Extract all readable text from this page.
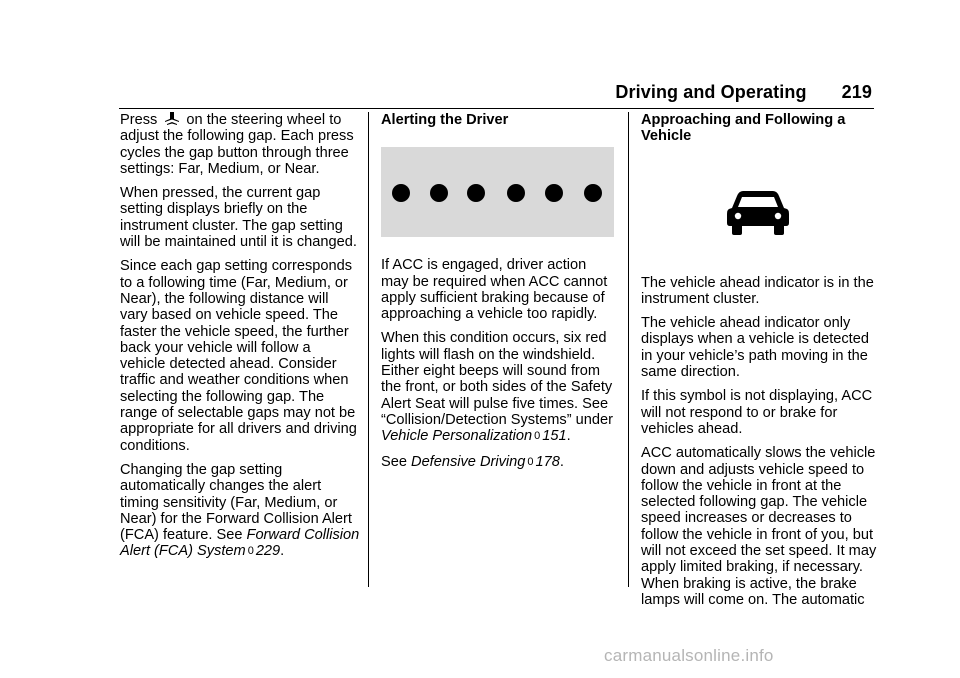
Driving and Operating 219

Press  on the steering wheel to adjust the following gap. Each press cycles the gap button through three settings: Far, Medium, or Near.

When pressed, the current gap setting displays briefly on the instrument cluster. The gap setting will be maintained until it is changed.

Since each gap setting corresponds to a following time (Far, Medium, or Near), the following distance will vary based on vehicle speed. The faster the vehicle speed, the further back your vehicle will follow a vehicle detected ahead. Consider traffic and weather conditions when selecting the following gap. The range of selectable gaps may not be appropriate for all drivers and driving conditions.

Changing the gap setting automatically changes the alert timing sensitivity (Far, Medium, or Near) for the Forward Collision Alert (FCA) feature. See Forward Collision Alert (FCA) System 0 229.

Alerting the Driver

If ACC is engaged, driver action may be required when ACC cannot apply sufficient braking because of approaching a vehicle too rapidly.

When this condition occurs, six red lights will flash on the windshield. Either eight beeps will sound from the front, or both sides of the Safety Alert Seat will pulse five times. See “Collision/Detection Systems” under Vehicle Personalization 0 151.

See Defensive Driving 0 178.

Approaching and Following a Vehicle

The vehicle ahead indicator is in the instrument cluster.

The vehicle ahead indicator only displays when a vehicle is detected in your vehicle’s path moving in the same direction.

If this symbol is not displaying, ACC will not respond to or brake for vehicles ahead.

ACC automatically slows the vehicle down and adjusts vehicle speed to follow the vehicle in front at the selected following gap. The vehicle speed increases or decreases to follow the vehicle in front of you, but will not exceed the set speed. It may apply limited braking, if necessary. When braking is active, the brake lamps will come on. The automatic

carmanualsonline.info
